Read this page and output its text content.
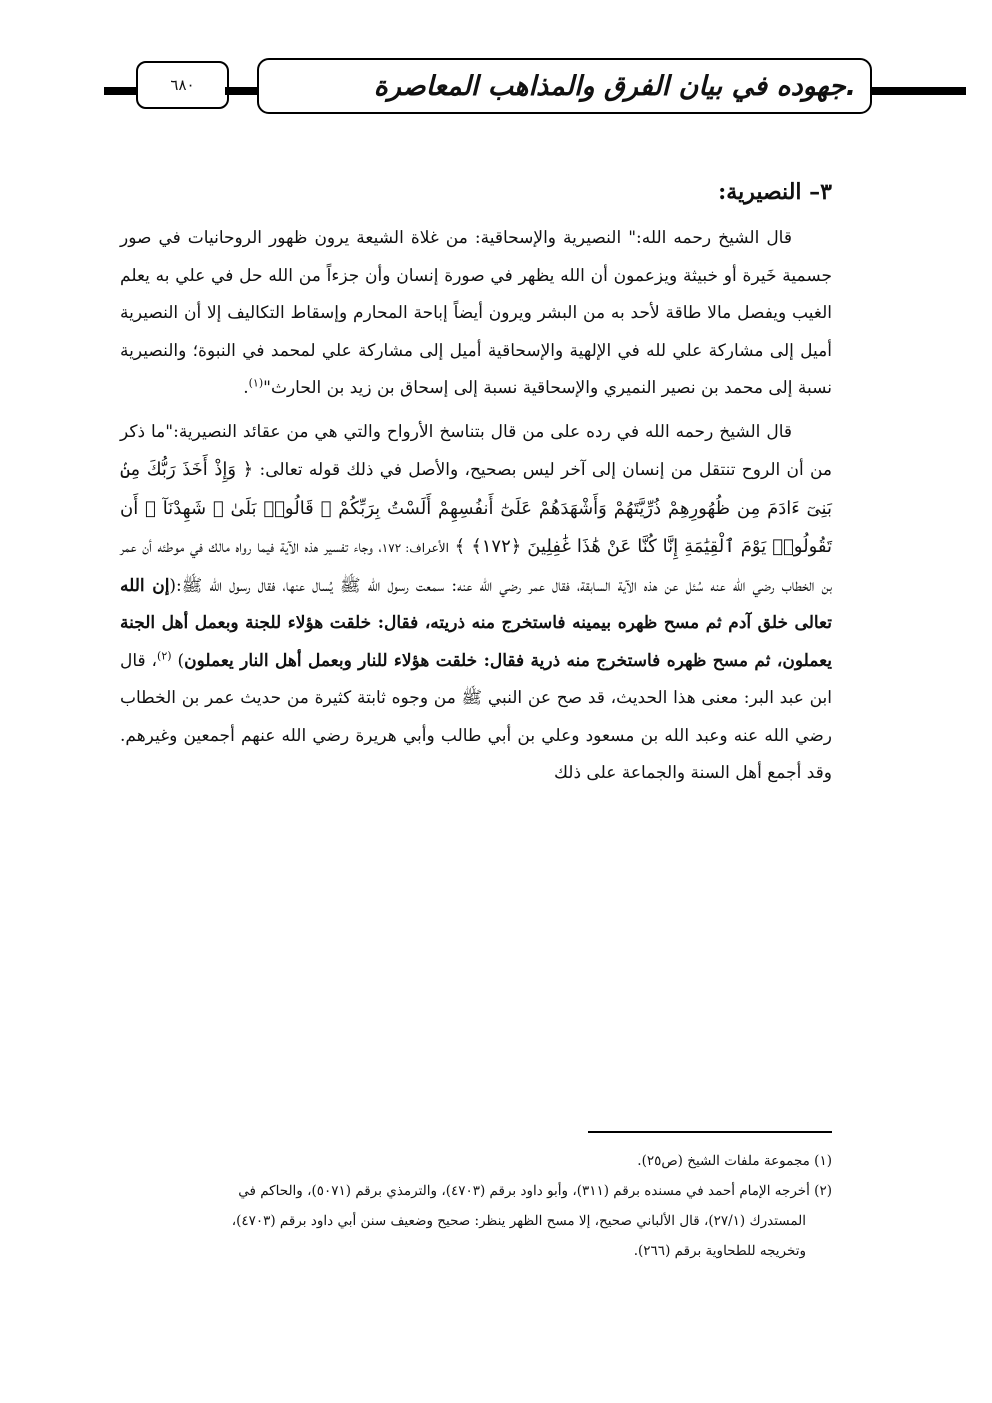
٦٨٠	جهوده في بيان الفرق والمذاهب المعاصرة.
٣– النصيرية:

قال الشيخ رحمه الله:" النصيرية والإسحاقية: من غلاة الشيعة يرون ظهور الروحانيات في صور جسمية خَيرة أو خبيثة ويزعمون أن الله يظهر في صورة إنسان وأن جزءاً من الله حل في علي به يعلم الغيب ويفصل مالا طاقة لأحد به من البشر ويرون أيضاً إباحة المحارم وإسقاط التكاليف إلا أن النصيرية أميل إلى مشاركة علي لله في الإلهية والإسحاقية أميل إلى مشاركة علي لمحمد في النبوة؛ والنصيرية نسبة إلى محمد بن نصير النميري والإسحاقية نسبة إلى إسحاق بن زيد بن الحارث"$^{(١)}$.

قال الشيخ رحمه الله في رده على من قال بتناسخ الأرواح والتي هي من عقائد النصيرية:"ما ذكر من أن الروح تنتقل من إنسان إلى آخر ليس بصحيح، والأصل في ذلك قوله تعالى: ﴿ وَإِذْ أَخَذَ رَبُّكَ مِنۢ بَنِىٓ ءَادَمَ مِن ظُهُورِهِمْ ذُرِّيَّتَهُمْ وَأَشْهَدَهُمْ عَلَىٰٓ أَنفُسِهِمْ أَلَسْتُ بِرَبِّكُمْ ۖ قَالُوا۟ بَلَىٰ ۛ شَهِدْنَآ ۛ أَن تَقُولُوا۟ يَوْمَ ٱلْقِيَٰمَةِ إِنَّا كُنَّا عَنْ هَٰذَا غَٰفِلِينَ ﴿١٧٢﴾ ﴾ الأعراف: ١٧٢، وجاء تفسير هذه الآية فيما رواه مالك في موطئه أن عمر بن الخطاب رضي الله عنه سُئل عن هذه الآية السابقة، فقال عمر رضي الله عنه: سمعت رسول الله ﷺ يُسال عنها، فقال رسول الله ﷺ:(إن الله تعالى خلق آدم ثم مسح ظهره بيمينه فاستخرج منه ذريته، فقال: خلقت هؤلاء للجنة وبعمل أهل الجنة يعملون، ثم مسح ظهره فاستخرج منه ذرية فقال: خلقت هؤلاء للنار وبعمل أهل النار يعملون) $^{(٢)}$، قال ابن عبد البر: معنى هذا الحديث، قد صح عن النبي ﷺ من وجوه ثابتة كثيرة من حديث عمر بن الخطاب رضي الله عنه وعبد الله بن مسعود وعلي بن أبي طالب وأبي هريرة رضي الله عنهم أجمعين وغيرهم. وقد أجمع أهل السنة والجماعة على ذلك

(١) مجموعة ملفات الشيخ (ص٢٥).

(٢) أخرجه الإمام أحمد في مسنده برقم (٣١١)، وأبو داود برقم (٤٧٠٣)، والترمذي برقم (٥٠٧١)، والحاكم في

المستدرك (٢٧/١)، قال الألباني صحيح، إلا مسح الظهر ينظر: صحيح وضعيف سنن أبي داود برقم (٤٧٠٣)،

وتخريجه للطحاوية برقم (٢٦٦).
